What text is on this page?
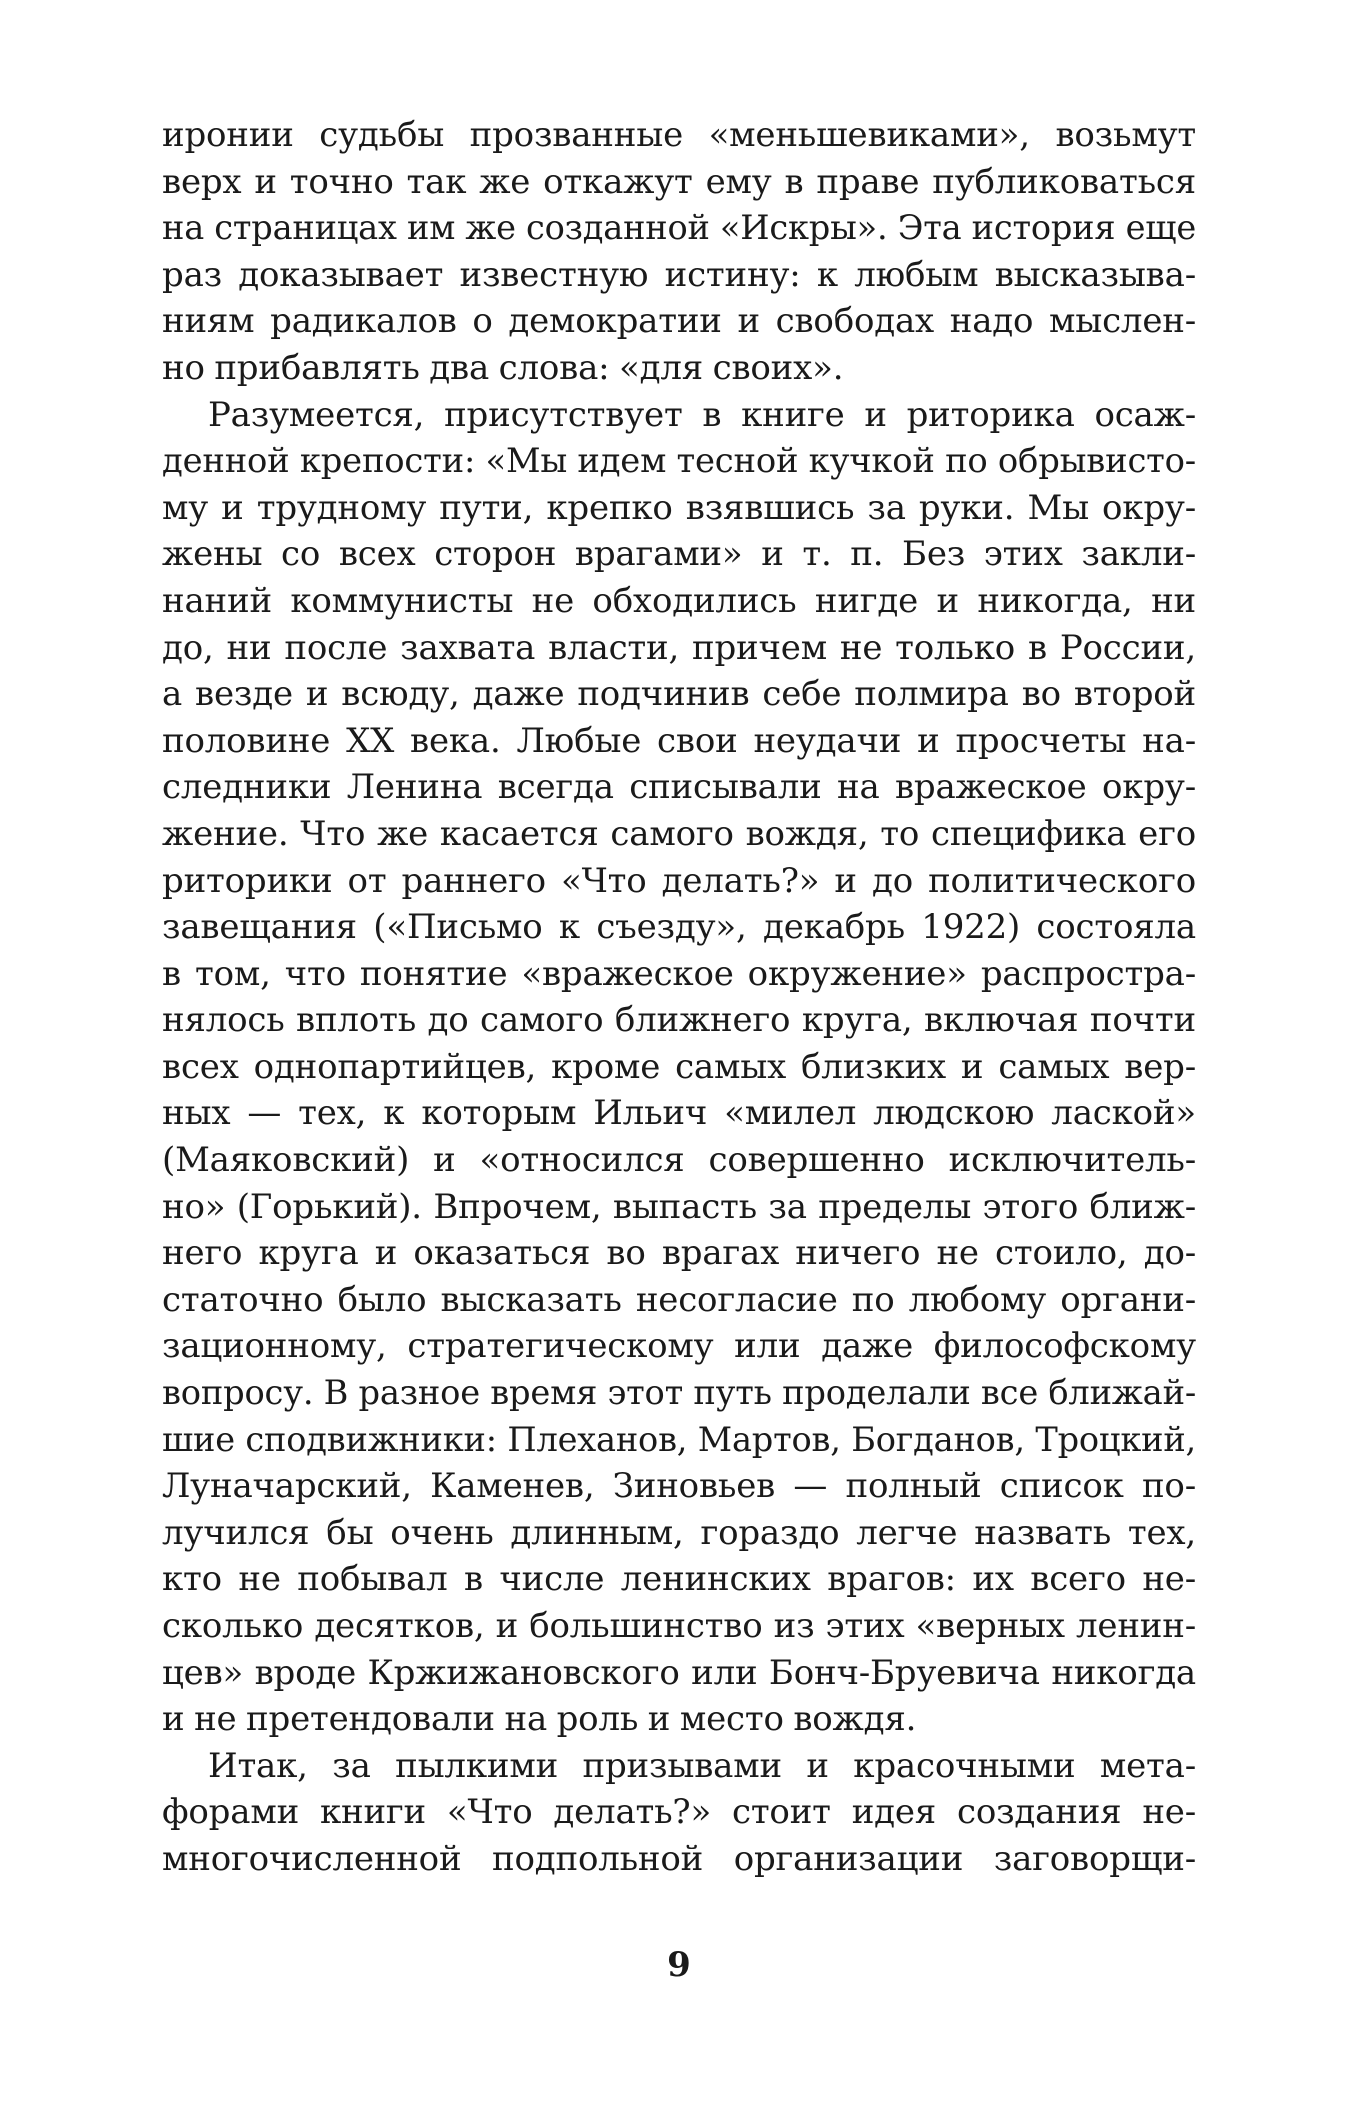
иронии судьбы прозванные «меньшевиками», возьмут
верх и точно так же откажут ему в праве публиковаться
на страницах им же созданной «Искры». Эта история еще
раз доказывает известную истину: к любым высказыва-
ниям радикалов о демократии и свободах надо мыслен-
но прибавлять два слова: «для своих».
Разумеется, присутствует в книге и риторика осаж-
денной крепости: «Мы идем тесной кучкой по обрывисто-
му и трудному пути, крепко взявшись за руки. Мы окру-
жены со всех сторон врагами» и т. п. Без этих закли-
наний коммунисты не обходились нигде и никогда, ни
до, ни после захвата власти, причем не только в России,
а везде и всюду, даже подчинив себе полмира во второй
половине XX века. Любые свои неудачи и просчеты на-
следники Ленина всегда списывали на вражеское окру-
жение. Что же касается самого вождя, то специфика его
риторики от раннего «Что делать?» и до политического
завещания («Письмо к съезду», декабрь 1922) состояла
в том, что понятие «вражеское окружение» распростра-
нялось вплоть до самого ближнего круга, включая почти
всех однопартийцев, кроме самых близких и самых вер-
ных — тех, к которым Ильич «милел людскою лаской»
(Маяковский) и «относился совершенно исключитель-
но» (Горький). Впрочем, выпасть за пределы этого ближ-
него круга и оказаться во врагах ничего не стоило, до-
статочно было высказать несогласие по любому органи-
зационному, стратегическому или даже философскому
вопросу. В разное время этот путь проделали все ближай-
шие сподвижники: Плеханов, Мартов, Богданов, Троцкий,
Луначарский, Каменев, Зиновьев — полный список по-
лучился бы очень длинным, гораздо легче назвать тех,
кто не побывал в числе ленинских врагов: их всего не-
сколько десятков, и большинство из этих «верных ленин-
цев» вроде Кржижановского или Бонч-Бруевича никогда
и не претендовали на роль и место вождя.
Итак, за пылкими призывами и красочными мета-
форами книги «Что делать?» стоит идея создания не-
многочисленной подпольной организации заговорщи-
9
